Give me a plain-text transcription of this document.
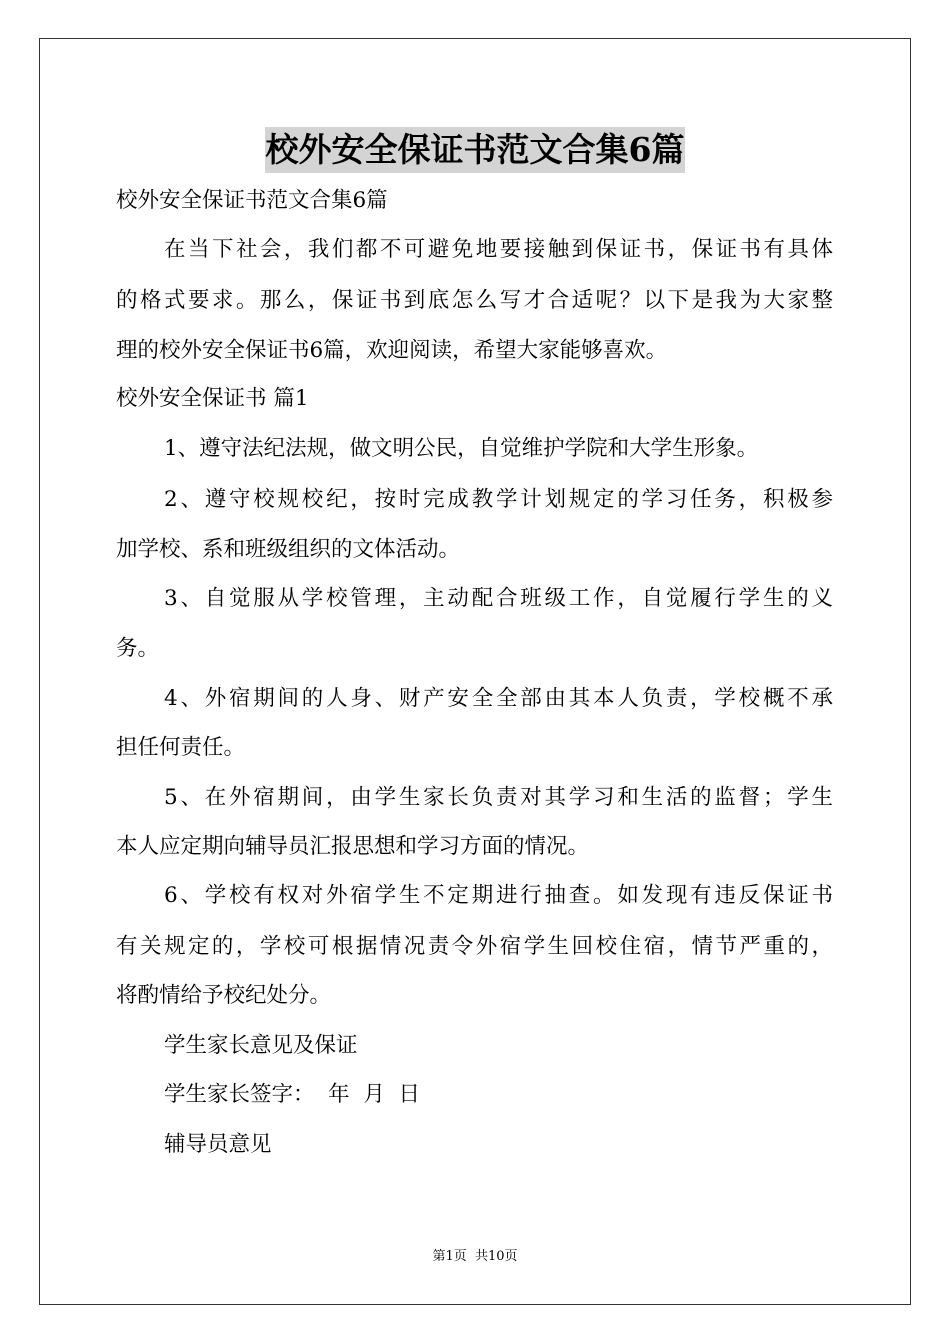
校外安全保证书范文合集6篇
校外安全保证书范文合集6篇
在当下社会，我们都不可避免地要接触到保证书，保证书有具体
的格式要求。那么，保证书到底怎么写才合适呢？以下是我为大家整
理的校外安全保证书6篇，欢迎阅读，希望大家能够喜欢。
校外安全保证书 篇1
1、遵守法纪法规，做文明公民，自觉维护学院和大学生形象。
2、遵守校规校纪，按时完成教学计划规定的学习任务，积极参
加学校、系和班级组织的文体活动。
3、自觉服从学校管理，主动配合班级工作，自觉履行学生的义
务。
4、外宿期间的人身、财产安全全部由其本人负责，学校概不承
担任何责任。
5、在外宿期间，由学生家长负责对其学习和生活的监督；学生
本人应定期向辅导员汇报思想和学习方面的情况。
6、学校有权对外宿学生不定期进行抽查。如发现有违反保证书
有关规定的，学校可根据情况责令外宿学生回校住宿，情节严重的，
将酌情给予校纪处分。
学生家长意见及保证
学生家长签字：  年  月  日
辅导员意见
第1页  共10页
